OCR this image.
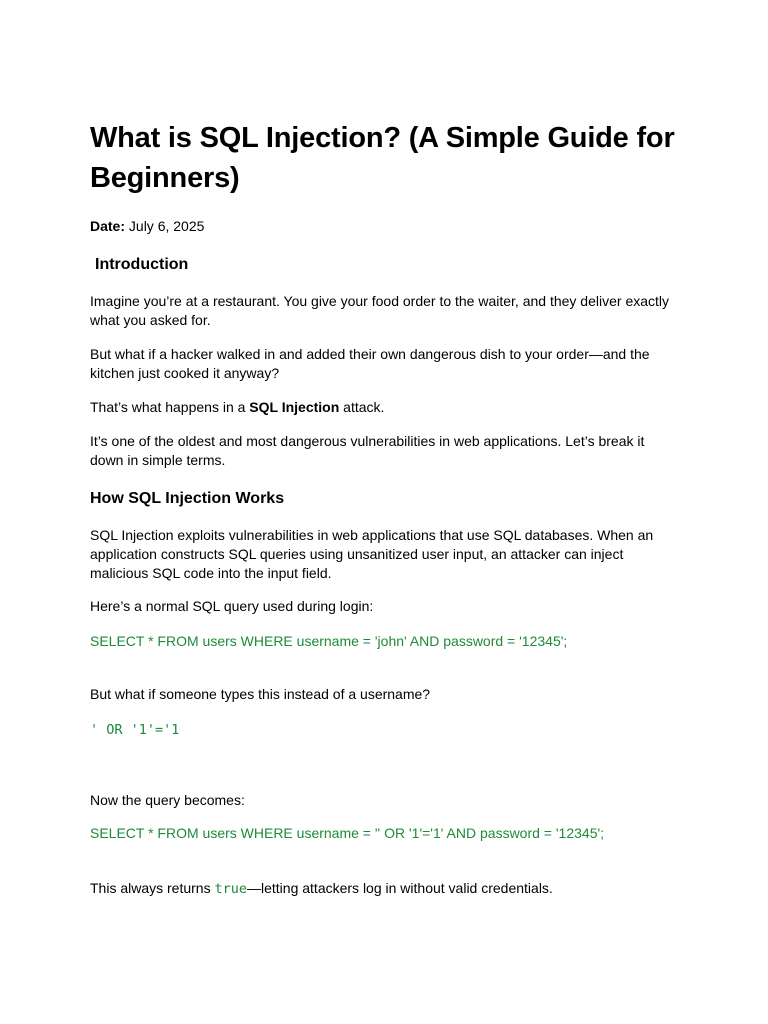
What is SQL Injection? (A Simple Guide for Beginners)

Date: July 6, 2025

Introduction

Imagine you’re at a restaurant. You give your food order to the waiter, and they deliver exactly what you asked for.

But what if a hacker walked in and added their own dangerous dish to your order—and the kitchen just cooked it anyway?

That’s what happens in a SQL Injection attack.

It’s one of the oldest and most dangerous vulnerabilities in web applications. Let’s break it down in simple terms.

How SQL Injection Works

SQL Injection exploits vulnerabilities in web applications that use SQL databases. When an application constructs SQL queries using unsanitized user input, an attacker can inject malicious SQL code into the input field.

Here’s a normal SQL query used during login:

SELECT * FROM users WHERE username = 'john' AND password = '12345';

But what if someone types this instead of a username?

' OR '1'='1

Now the query becomes:

SELECT * FROM users WHERE username = '' OR '1'='1' AND password = '12345';

This always returns true—letting attackers log in without valid credentials.
